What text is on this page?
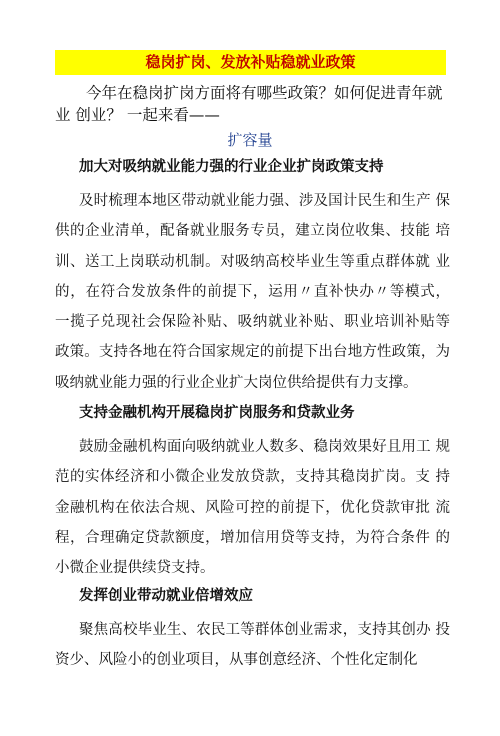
稳岗扩岗、发放补贴稳就业政策
今年在稳岗扩岗方面将有哪些政策？如何促进青年就业 创业？ 一起来看——
扩容量
加大对吸纳就业能力强的行业企业扩岗政策支持
及时梳理本地区带动就业能力强、涉及国计民生和生产 保供的企业清单，配备就业服务专员，建立岗位收集、技能 培训、送工上岗联动机制。对吸纳高校毕业生等重点群体就 业的，在符合发放条件的前提下，运用〃直补快办〃等模式， 一揽子兑现社会保险补贴、吸纳就业补贴、职业培训补贴等 政策。支持各地在符合国家规定的前提下出台地方性政策，为吸纳就业能力强的行业企业扩大岗位供给提供有力支撑。
支持金融机构开展稳岗扩岗服务和贷款业务
鼓励金融机构面向吸纳就业人数多、稳岗效果好且用工 规范的实体经济和小微企业发放贷款，支持其稳岗扩岗。支 持金融机构在依法合规、风险可控的前提下，优化贷款审批 流程，合理确定贷款额度，增加信用贷等支持，为符合条件 的小微企业提供续贷支持。
发挥创业带动就业倍增效应
聚焦高校毕业生、农民工等群体创业需求，支持其创办 投资少、风险小的创业项目，从事创意经济、个性化定制化
